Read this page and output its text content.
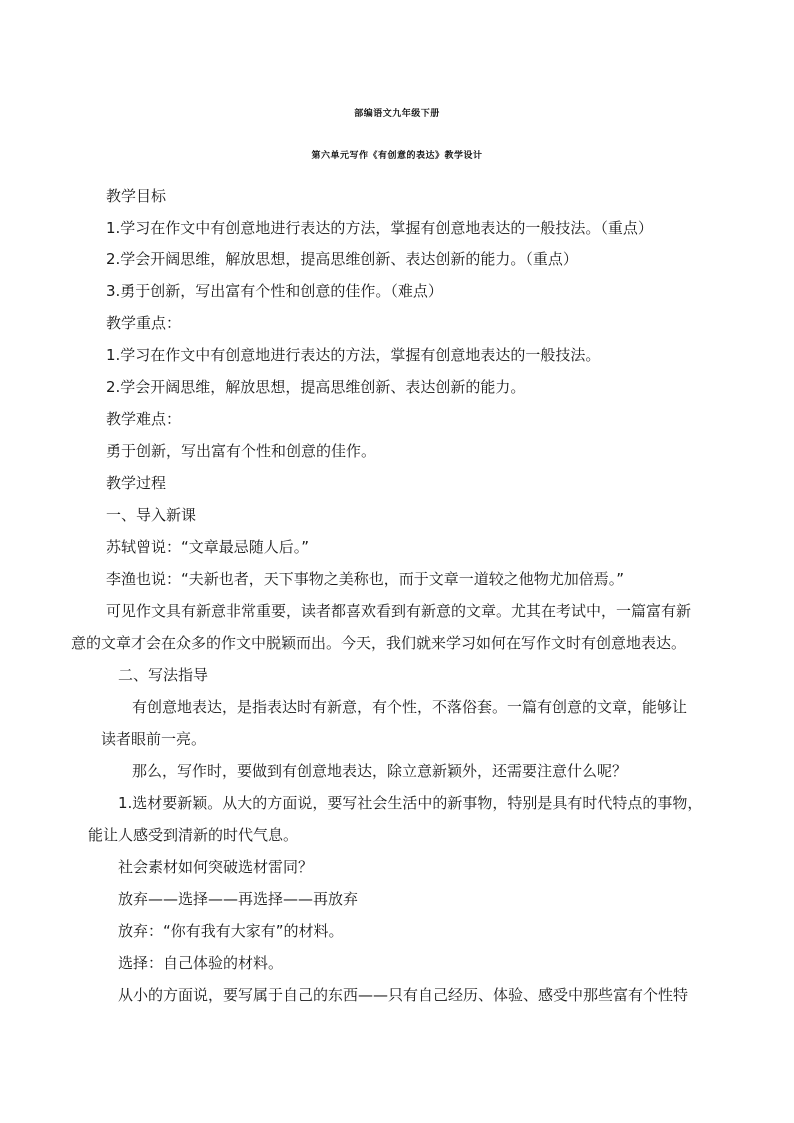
部编语文九年级下册
第六单元写作《有创意的表达》教学设计
教学目标
1.学习在作文中有创意地进行表达的方法，掌握有创意地表达的一般技法。（重点）
2.学会开阔思维，解放思想，提高思维创新、表达创新的能力。（重点）
3.勇于创新，写出富有个性和创意的佳作。（难点）
教学重点：
1.学习在作文中有创意地进行表达的方法，掌握有创意地表达的一般技法。
2.学会开阔思维，解放思想，提高思维创新、表达创新的能力。
教学难点：
勇于创新，写出富有个性和创意的佳作。
教学过程
一、导入新课
苏轼曾说：“文章最忌随人后。”
李渔也说：“夫新也者，天下事物之美称也，而于文章一道较之他物尤加倍焉。”
可见作文具有新意非常重要，读者都喜欢看到有新意的文章。尤其在考试中，一篇富有新
意的文章才会在众多的作文中脱颖而出。今天，我们就来学习如何在写作文时有创意地表达。
二、写法指导
有创意地表达，是指表达时有新意，有个性，不落俗套。一篇有创意的文章，能够让
读者眼前一亮。
那么，写作时，要做到有创意地表达，除立意新颖外，还需要注意什么呢？
1.选材要新颖。从大的方面说，要写社会生活中的新事物，特别是具有时代特点的事物，
能让人感受到清新的时代气息。
社会素材如何突破选材雷同？
放弃——选择——再选择——再放弃
放弃：“你有我有大家有”的材料。
选择：自己体验的材料。
从小的方面说，要写属于自己的东西——只有自己经历、体验、感受中那些富有个性特
